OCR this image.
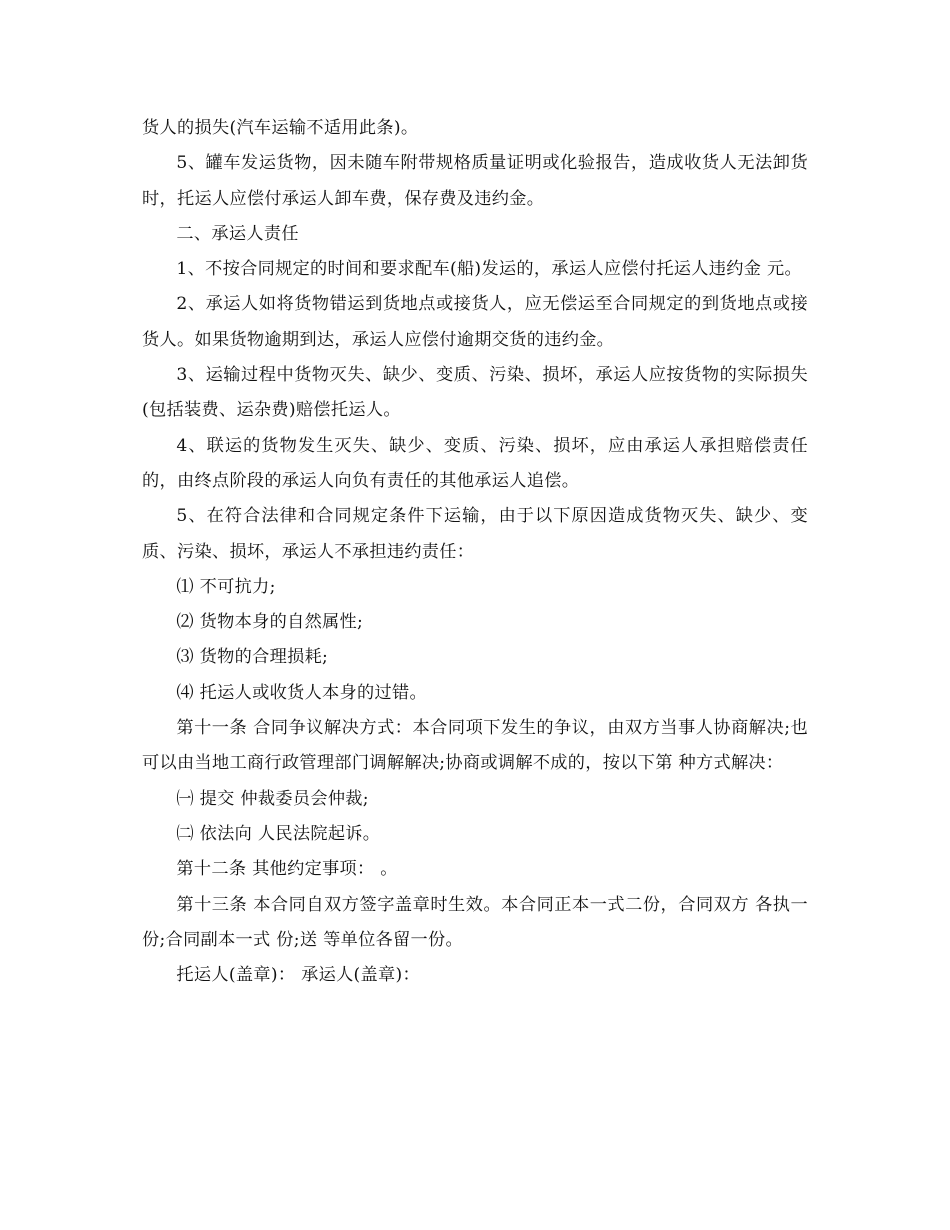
货人的损失(汽车运输不适用此条)。

5、罐车发运货物，因未随车附带规格质量证明或化验报告，造成收货人无法卸货时，托运人应偿付承运人卸车费，保存费及违约金。

二、承运人责任

1、不按合同规定的时间和要求配车(船)发运的，承运人应偿付托运人违约金 元。

2、承运人如将货物错运到货地点或接货人，应无偿运至合同规定的到货地点或接货人。如果货物逾期到达，承运人应偿付逾期交货的违约金。

3、运输过程中货物灭失、缺少、变质、污染、损坏，承运人应按货物的实际损失(包括装费、运杂费)赔偿托运人。

4、联运的货物发生灭失、缺少、变质、污染、损坏，应由承运人承担赔偿责任的，由终点阶段的承运人向负有责任的其他承运人追偿。

5、在符合法律和合同规定条件下运输，由于以下原因造成货物灭失、缺少、变质、污染、损坏，承运人不承担违约责任：

⑴ 不可抗力;

⑵ 货物本身的自然属性;

⑶ 货物的合理损耗;

⑷ 托运人或收货人本身的过错。

第十一条 合同争议解决方式：本合同项下发生的争议，由双方当事人协商解决;也可以由当地工商行政管理部门调解解决;协商或调解不成的，按以下第 种方式解决：

㈠ 提交 仲裁委员会仲裁;

㈡ 依法向 人民法院起诉。

第十二条 其他约定事项： 。

第十三条 本合同自双方签字盖章时生效。本合同正本一式二份，合同双方 各执一份;合同副本一式 份;送 等单位各留一份。

托运人(盖章)： 承运人(盖章)：
